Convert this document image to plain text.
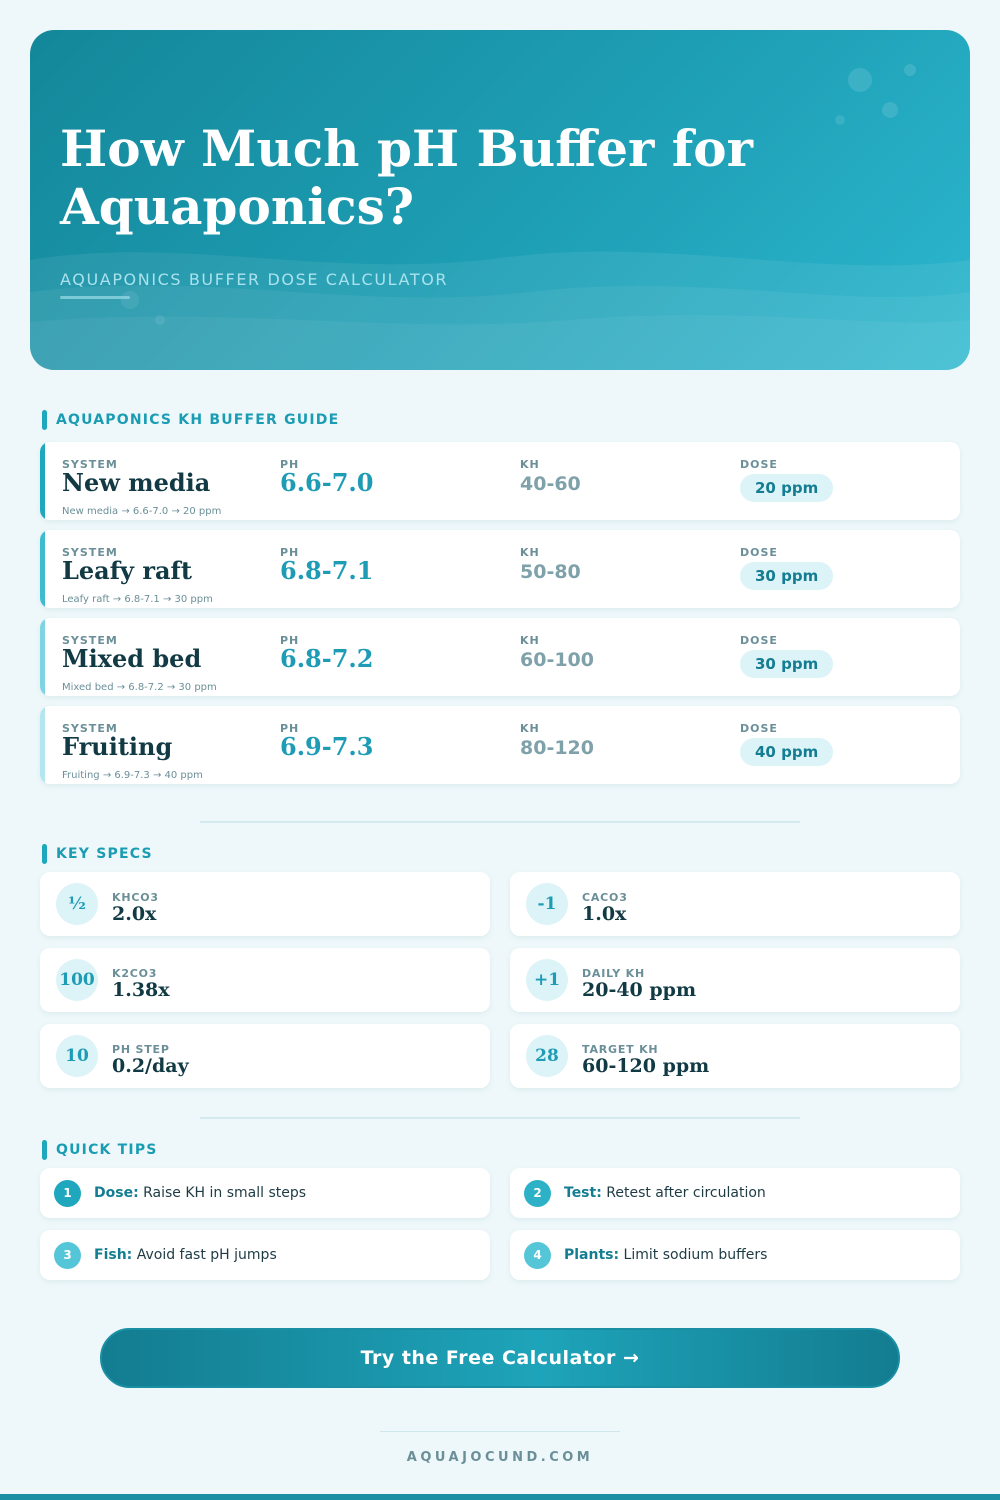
How Much pH Buffer for Aquaponics?
AQUAPONICS BUFFER DOSE CALCULATOR
AQUAPONICS KH BUFFER GUIDE
SYSTEM	PH	KH	DOSE
New media	6.6-7.0	40-60	20 ppm
New media → 6.6-7.0 → 20 ppm
SYSTEM	PH	KH	DOSE
Leafy raft	6.8-7.1	50-80	30 ppm
Leafy raft → 6.8-7.1 → 30 ppm
SYSTEM	PH	KH	DOSE
Mixed bed	6.8-7.2	60-100	30 ppm
Mixed bed → 6.8-7.2 → 30 ppm
SYSTEM	PH	KH	DOSE
Fruiting	6.9-7.3	80-120	40 ppm
Fruiting → 6.9-7.3 → 40 ppm
KEY SPECS
½	KHCO3
2.0x	-1	CACO3
1.0x
100 K2CO3
1.38x	+1	DAILY KH
20-40 ppm
10	PH STEP
0.2/day	28	TARGET KH
60-120 ppm
QUICK TIPS
1	Dose: Raise KH in small steps	2	Test: Retest after circulation
3	Fish: Avoid fast pH jumps	4	Plants: Limit sodium buffers
Try the Free Calculator →
AQUAJOCUND.COM
